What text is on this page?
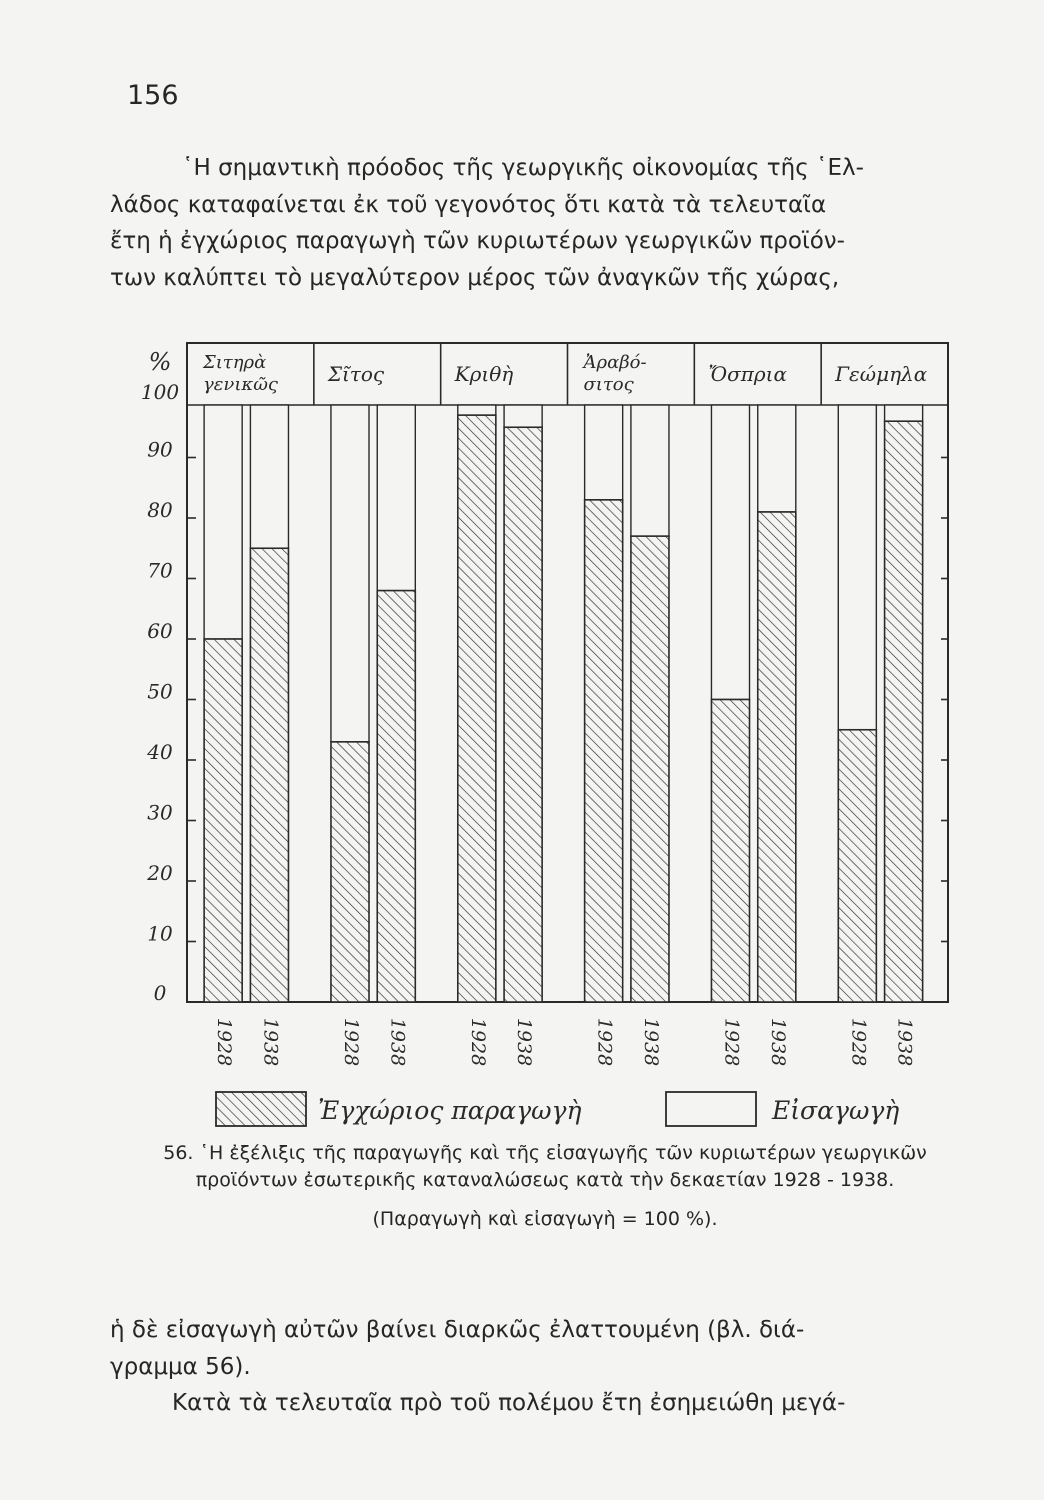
156

῾Η σημαντικὴ πρόοδος τῆς γεωργικῆς οἰκονομίας τῆς ῾Ελ-
λάδος καταφαίνεται ἐκ τοῦ γεγονότος ὅτι κατὰ τὰ τελευταῖα
ἔτη ἡ ἐγχώριος παραγωγὴ τῶν κυριωτέρων γεωργικῶν προϊόν-
των καλύπτει τὸ μεγαλύτερον μέρος τῶν ἀναγκῶν τῆς χώρας,

0
10
20
30
40
50
60
70
80
90
100
% Σιτηρὰ
γενικῶς
1928 1938
Σῖτος
1928 1938
Κριθὴ
1928 1938
Ἀραβό-
σιτος
1928 1938
Ὄσπρια
1928 1938
Γεώμηλα
1928 1938
Ἐγχώριος παραγωγὴ	Εἰσαγωγὴ

56. ῾Η ἐξέλιξις τῆς παραγωγῆς καὶ τῆς εἰσαγωγῆς τῶν κυριωτέρων γεωργικῶν προϊόντων ἐσωτερικῆς καταναλώσεως κατὰ τὴν δεκαετίαν 1928 - 1938.
(Παραγωγὴ καὶ εἰσαγωγὴ = 100 %).

ἡ δὲ εἰσαγωγὴ αὐτῶν βαίνει διαρκῶς ἐλαττουμένη (βλ. διά-
γραμμα 56).
Κατὰ τὰ τελευταῖα πρὸ τοῦ πολέμου ἔτη ἐσημειώθη μεγά-
